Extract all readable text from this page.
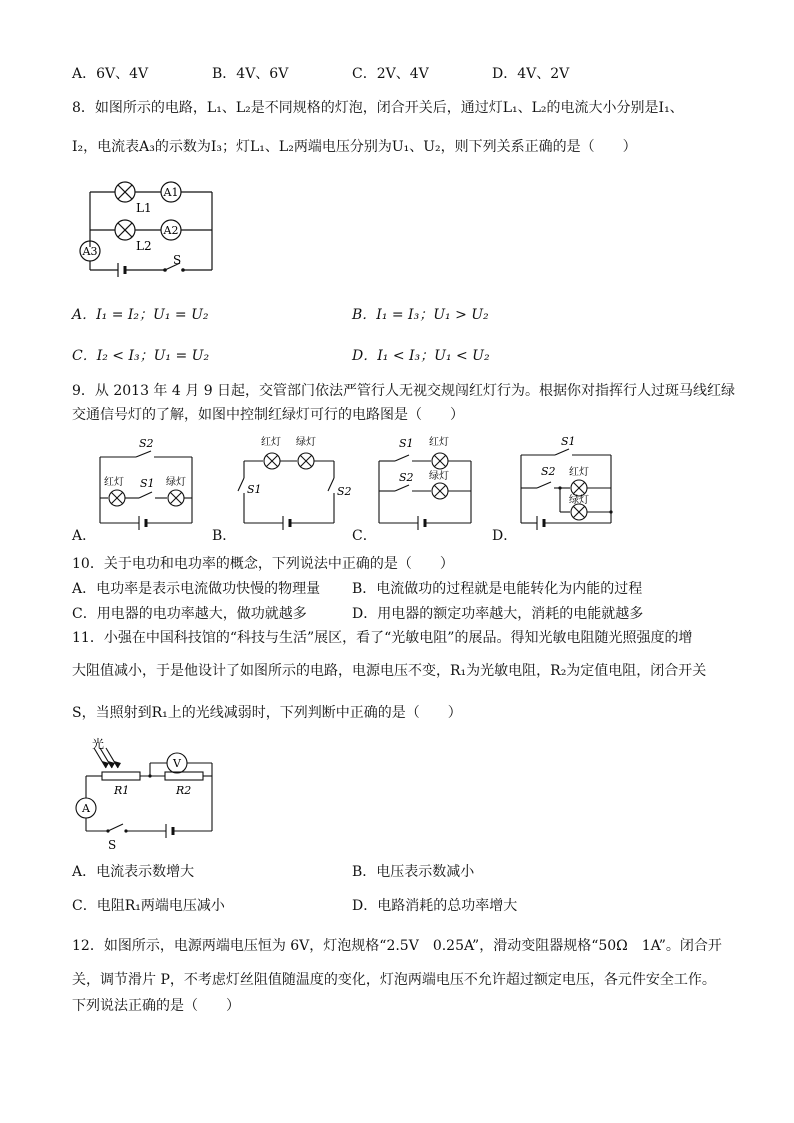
A．6V、4V	B．4V、6V	C．2V、4V	D．4V、2V
8．如图所示的电路，L₁、L₂是不同规格的灯泡，闭合开关后，通过灯L₁、L₂的电流大小分别是I₁、
I₂，电流表A₃的示数为I₃；灯L₁、L₂两端电压分别为U₁、U₂，则下列关系正确的是（　　）
A1
A2
A3
L1
L2
S
A．I₁ = I₂；U₁ = U₂	B．I₁ = I₃；U₁ > U₂
C．I₂ < I₃；U₁ = U₂	D．I₁ < I₃；U₁ < U₂
9．从 2013 年 4 月 9 日起，交管部门依法严管行人无视交规闯红灯行为。根据你对指挥行人过斑马线红绿
交通信号灯的了解，如图中控制红绿灯可行的电路图是（　　）
S2
红灯 S1 绿灯
红灯 绿灯
S1	S2
S1 红灯
S2 绿灯
S1
S2 红灯
绿灯
A．	B．	C．	D．
10．关于电功和电功率的概念，下列说法中正确的是（　　）
A．电功率是表示电流做功快慢的物理量 B．电流做功的过程就是电能转化为内能的过程
C．用电器的电功率越大，做功就越多	D．用电器的额定功率越大，消耗的电能就越多
11．小强在中国科技馆的“科技与生活”展区，看了“光敏电阻”的展品。得知光敏电阻随光照强度的增
大阻值减小，于是他设计了如图所示的电路，电源电压不变，R₁为光敏电阻，R₂为定值电阻，闭合开关
S，当照射到R₁上的光线减弱时，下列判断中正确的是（　　）
光
R1	R2
V
A
S
A．电流表示数增大	B．电压表示数减小
C．电阻R₁两端电压减小	D．电路消耗的总功率增大
12．如图所示，电源两端电压恒为 6V，灯泡规格“2.5V　0.25A”，滑动变阻器规格“50Ω　1A”。闭合开
关，调节滑片 P，不考虑灯丝阻值随温度的变化，灯泡两端电压不允许超过额定电压，各元件安全工作。
下列说法正确的是（　　）
